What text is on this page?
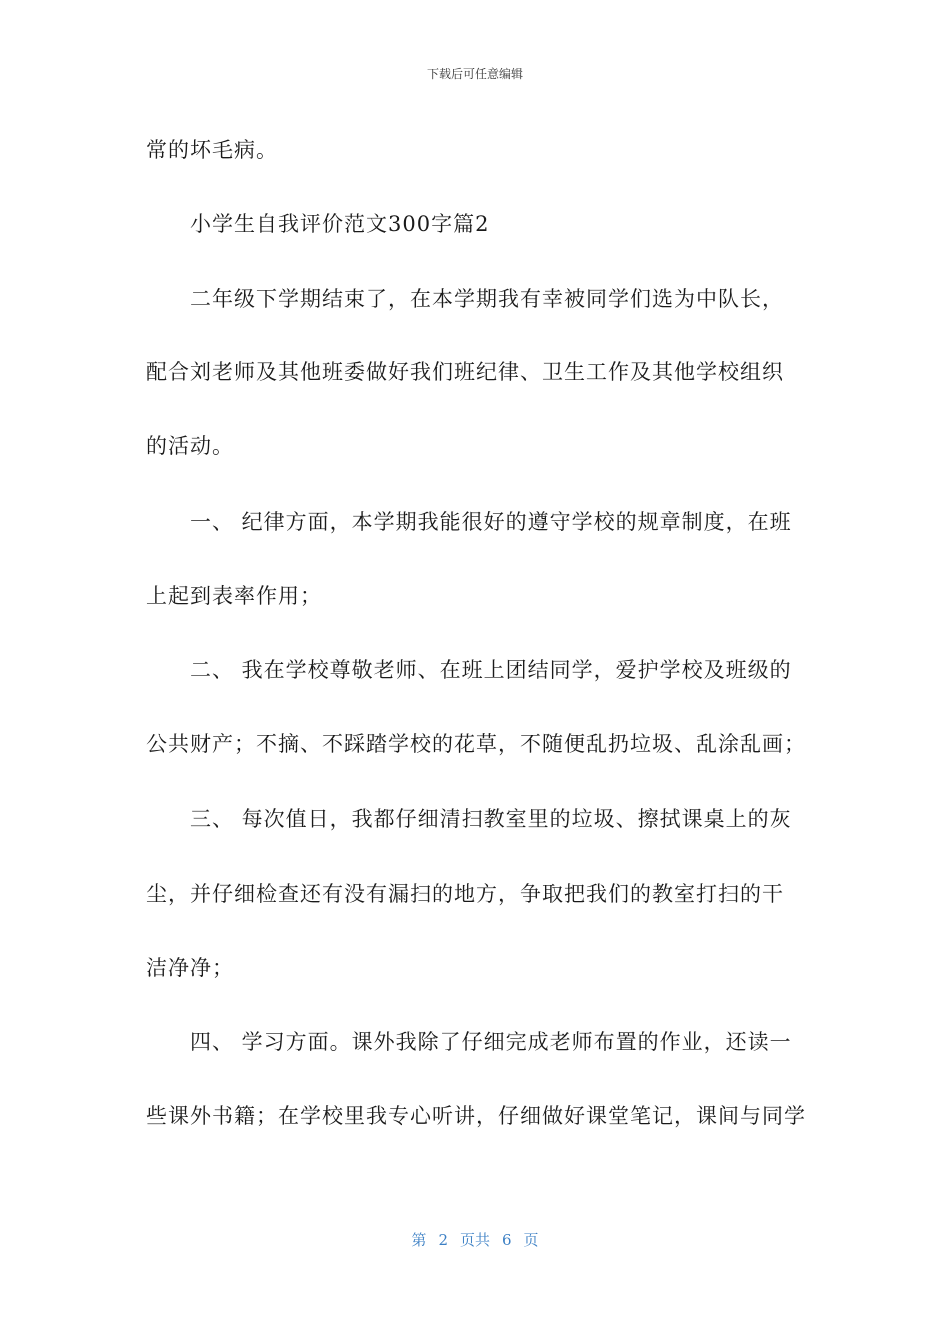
下载后可任意编辑
常的坏毛病。
小学生自我评价范文300字篇2
二年级下学期结束了，在本学期我有幸被同学们选为中队长，
配合刘老师及其他班委做好我们班纪律、卫生工作及其他学校组织
的活动。
一、 纪律方面，本学期我能很好的遵守学校的规章制度，在班
上起到表率作用；
二、 我在学校尊敬老师、在班上团结同学，爱护学校及班级的
公共财产；不摘、不踩踏学校的花草，不随便乱扔垃圾、乱涂乱画；
三、 每次值日，我都仔细清扫教室里的垃圾、擦拭课桌上的灰
尘，并仔细检查还有没有漏扫的地方，争取把我们的教室打扫的干
洁净净；
四、 学习方面。课外我除了仔细完成老师布置的作业，还读一
些课外书籍；在学校里我专心听讲，仔细做好课堂笔记，课间与同学
第 2 页共 6 页
